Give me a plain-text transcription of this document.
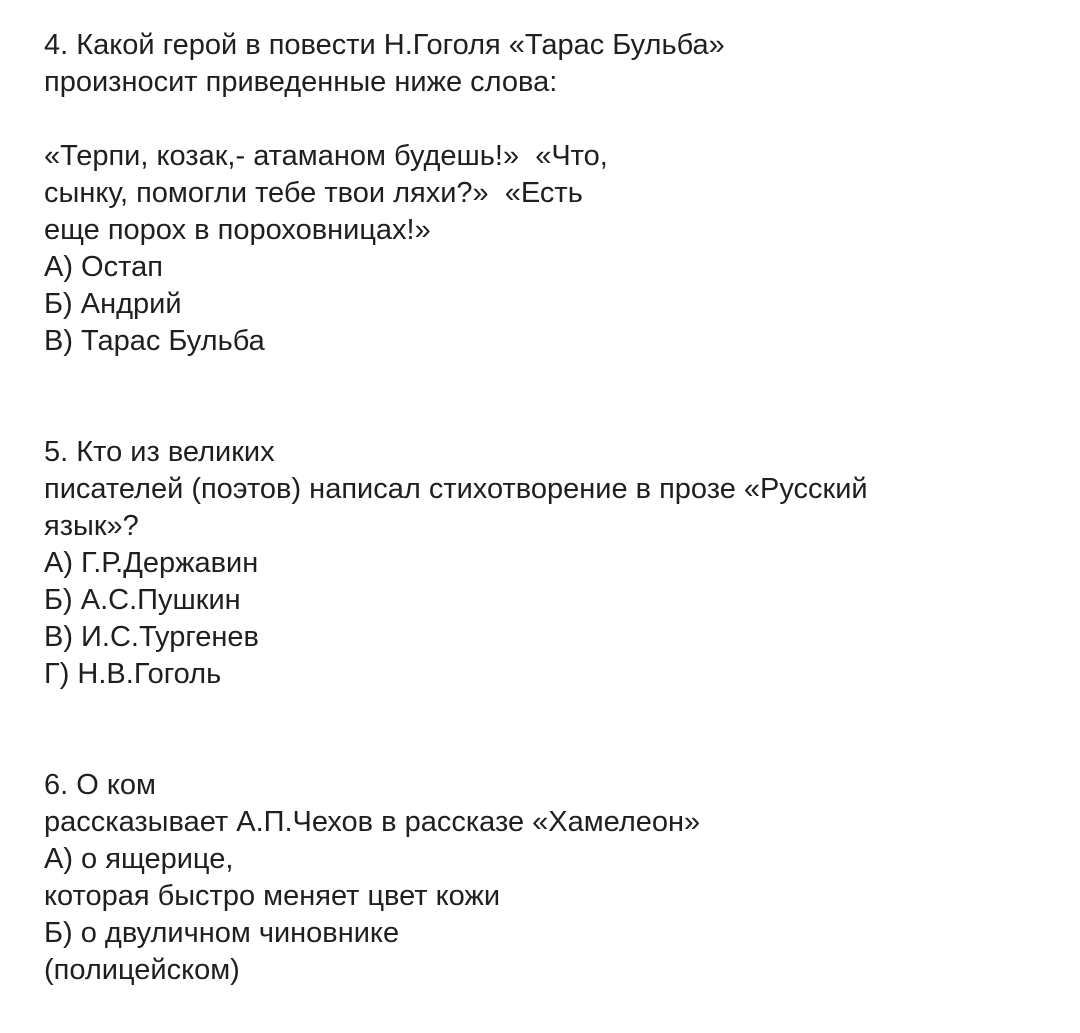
4. Какой герой в повести Н.Гоголя «Тарас Бульба»
произносит приведенные ниже слова:
«Терпи, козак,- атаманом будешь!»  «Что,
сынку, помогли тебе твои ляхи?»  «Есть
еще порох в пороховницах!»
А) Остап
Б) Андрий
В) Тарас Бульба
5. Кто из великих
писателей (поэтов) написал стихотворение в прозе «Русский
язык»?
А) Г.Р.Державин
Б) А.С.Пушкин
В) И.С.Тургенев
Г) Н.В.Гоголь
6. О ком
рассказывает А.П.Чехов в рассказе «Хамелеон»
А) о ящерице,
которая быстро меняет цвет кожи
Б) о двуличном чиновнике
(полицейском)
